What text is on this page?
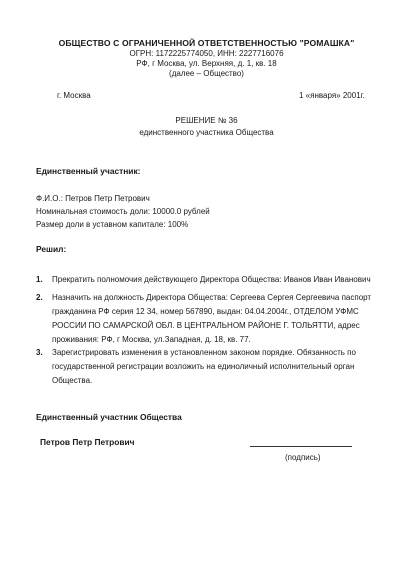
ОБЩЕСТВО С ОГРАНИЧЕННОЙ ОТВЕТСТВЕННОСТЬЮ "РОМАШКА"
ОГРН: 1172225774050, ИНН: 2227716076
РФ, г Москва, ул. Верхняя, д. 1, кв. 18
(далее – Общество)
г. Москва	1 «января» 2001г.
РЕШЕНИЕ № 36
единственного участника Общества
Единственный участник:
Ф.И.О.: Петров Петр Петрович
Номинальная стоимость доли: 10000.0 рублей
Размер доли в уставном капитале: 100%
Решил:
1. Прекратить полномочия действующего Директора Общества: Иванов Иван Иванович
2. Назначить на должность Директора Общества: Сергеева Сергея Сергеевича паспорт гражданина РФ серия 12 34, номер 567890, выдан: 04.04.2004г., ОТДЕЛОМ УФМС РОССИИ ПО САМАРСКОЙ ОБЛ. В ЦЕНТРАЛЬНОМ РАЙОНЕ Г. ТОЛЬЯТТИ, адрес проживания: РФ, г Москва, ул.Западная, д. 18, кв. 77.
3. Зарегистрировать изменения в установленном законом порядке. Обязанность по государственной регистрации возложить на единоличный исполнительный орган Общества.
Единственный участник Общества
Петров Петр Петрович
(подпись)
